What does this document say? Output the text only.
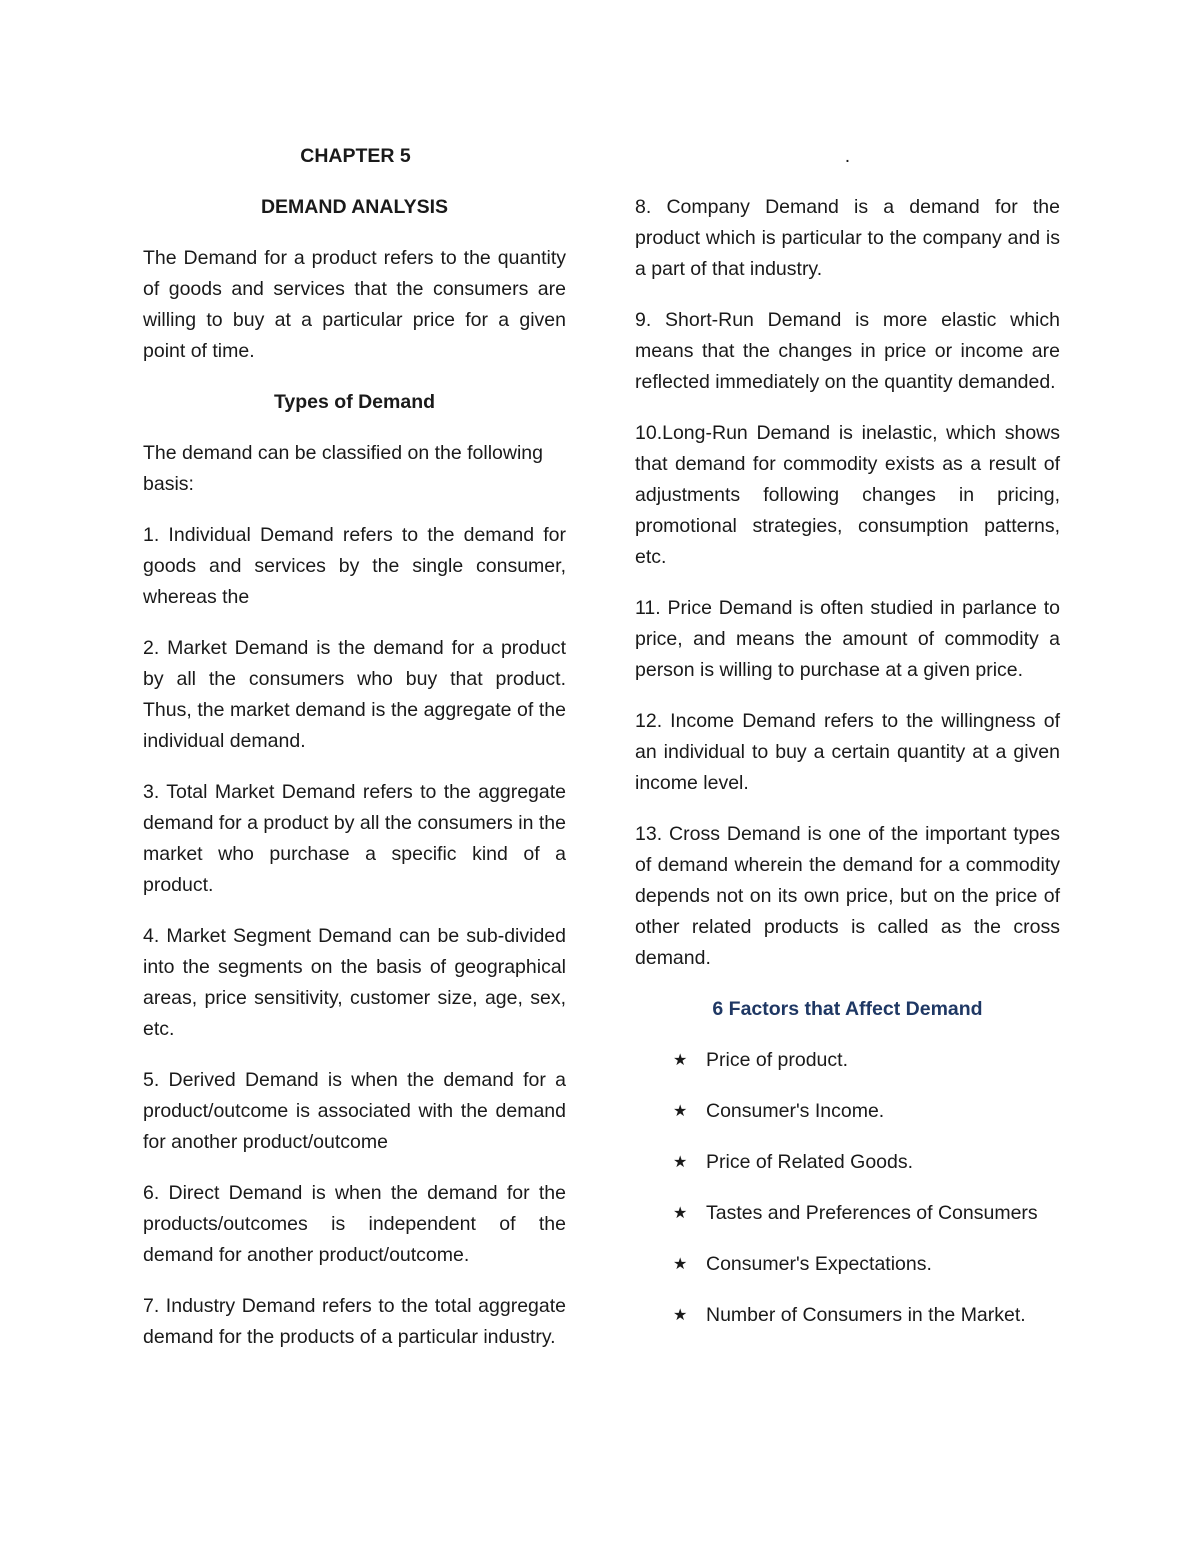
CHAPTER 5

DEMAND ANALYSIS

The Demand for a product refers to the quantity of goods and services that the consumers are willing to buy at a particular price for a given point of time.

Types of Demand

The demand can be classified on the following basis:

1. Individual Demand refers to the demand for goods and services by the single consumer, whereas the

2. Market Demand is the demand for a product by all the consumers who buy that product. Thus, the market demand is the aggregate of the individual demand.

3. Total Market Demand refers to the aggregate demand for a product by all the consumers in the market who purchase a specific kind of a product.

4. Market Segment Demand can be sub-divided into the segments on the basis of geographical areas, price sensitivity, customer size, age, sex, etc.

5. Derived Demand is when the demand for a product/outcome is associated with the demand for another product/outcome

6. Direct Demand is when the demand for the products/outcomes is independent of the demand for another product/outcome.

7. Industry Demand refers to the total aggregate demand for the products of a particular industry.

.

8. Company Demand is a demand for the product which is particular to the company and is a part of that industry.

9. Short-Run Demand is more elastic which means that the changes in price or income are reflected immediately on the quantity demanded.

10.Long-Run Demand is inelastic, which shows that demand for commodity exists as a result of adjustments following changes in pricing, promotional strategies, consumption patterns, etc.

11. Price Demand is often studied in parlance to price, and means the amount of commodity a person is willing to purchase at a given price.

12. Income Demand refers to the willingness of an individual to buy a certain quantity at a given income level.

13. Cross Demand is one of the important types of demand wherein the demand for a commodity depends not on its own price, but on the price of other related products is called as the cross demand.

6 Factors that Affect Demand

★ Price of product.
★ Consumer's Income.
★ Price of Related Goods.
★ Tastes and Preferences of Consumers
★ Consumer's Expectations.
★ Number of Consumers in the Market.
